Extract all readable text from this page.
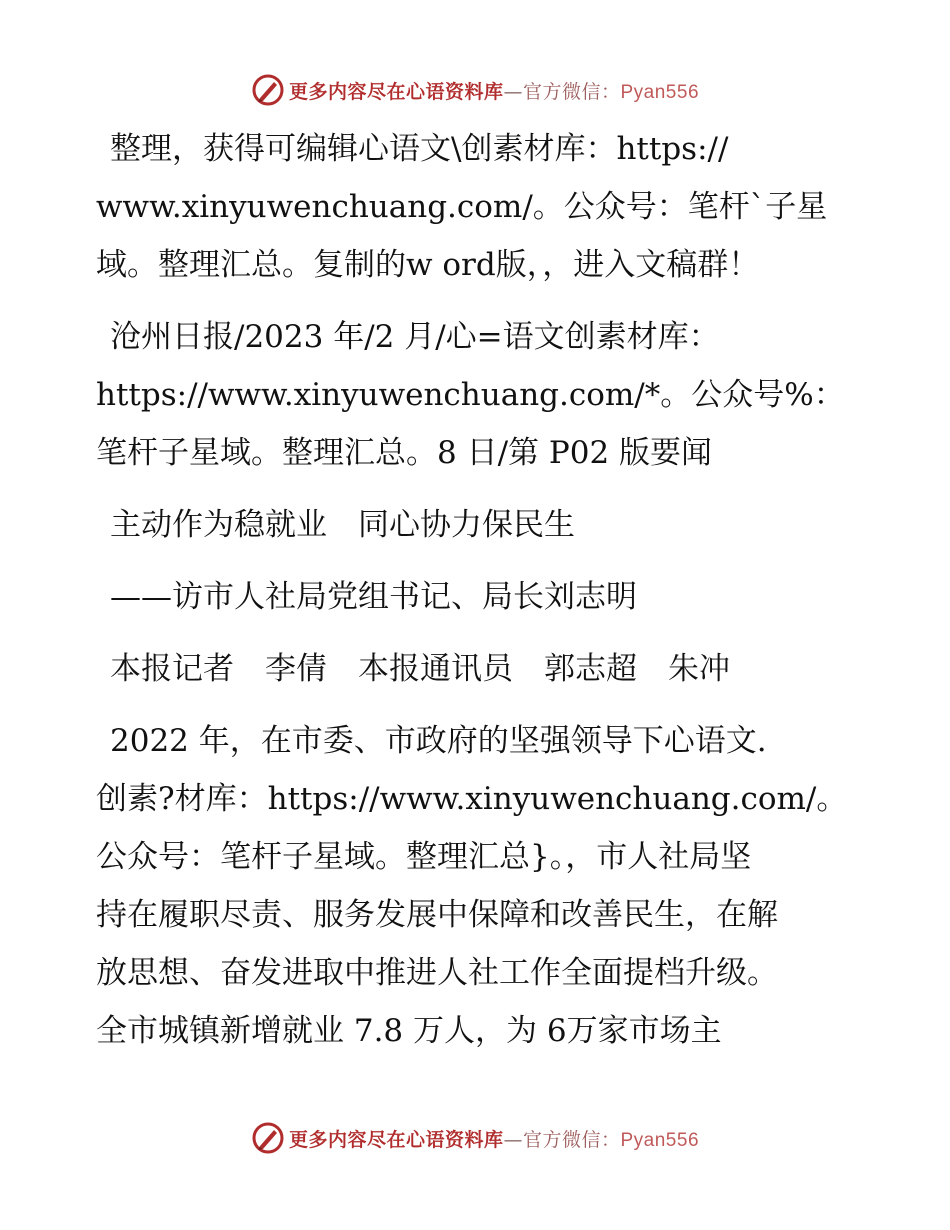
更多内容尽在心语资料库—官方微信：Pyan556

整理，获得可编辑心语文\创素材库：https://
www.xinyuwenchuang.com/。公众号：笔杆`子星
域。整理汇总。复制的w ord版，，进入文稿群！

沧州日报/2023 年/2 月/心=语文创素材库：
https://www.xinyuwenchuang.com/*。公众号%：
笔杆子星域。整理汇总。8 日/第 P02 版要闻

主动作为稳就业　同心协力保民生

——访市人社局党组书记、局长刘志明

本报记者　李倩　本报通讯员　郭志超　朱冲

2022 年，在市委、市政府的坚强领导下心语文.
创素?材库：https://www.xinyuwenchuang.com/。
公众号：笔杆子星域。整理汇总}。，市人社局坚
持在履职尽责、服务发展中保障和改善民生，在解
放思想、奋发进取中推进人社工作全面提档升级。
全市城镇新增就业 7.8 万人，为 6万家市场主

更多内容尽在心语资料库—官方微信：Pyan556
